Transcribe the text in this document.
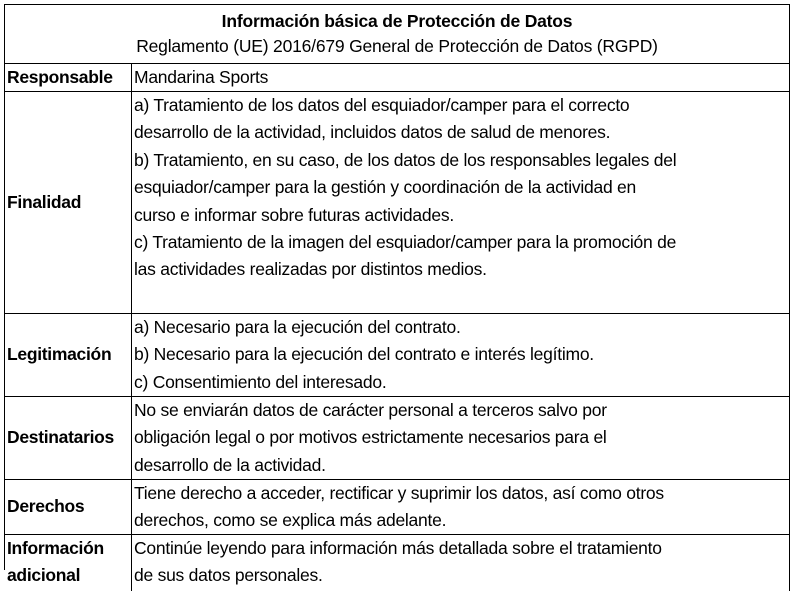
Información básica de Protección de Datos
Reglamento (UE) 2016/679 General de Protección de Datos (RGPD)
Responsable	Mandarina Sports
Finalidad
a) Tratamiento de los datos del esquiador/camper para el correcto
desarrollo de la actividad, incluidos datos de salud de menores.
b) Tratamiento, en su caso, de los datos de los responsables legales del
esquiador/camper para la gestión y coordinación de la actividad en
curso e informar sobre futuras actividades.
c) Tratamiento de la imagen del esquiador/camper para la promoción de
las actividades realizadas por distintos medios.
Legitimación
a) Necesario para la ejecución del contrato.
b) Necesario para la ejecución del contrato e interés legítimo.
c) Consentimiento del interesado.
Destinatarios
No se enviarán datos de carácter personal a terceros salvo por
obligación legal o por motivos estrictamente necesarios para el
desarrollo de la actividad.
Derechos
Tiene derecho a acceder, rectificar y suprimir los datos, así como otros
derechos, como se explica más adelante.
Información
adicional
Continúe leyendo para información más detallada sobre el tratamiento
de sus datos personales.
